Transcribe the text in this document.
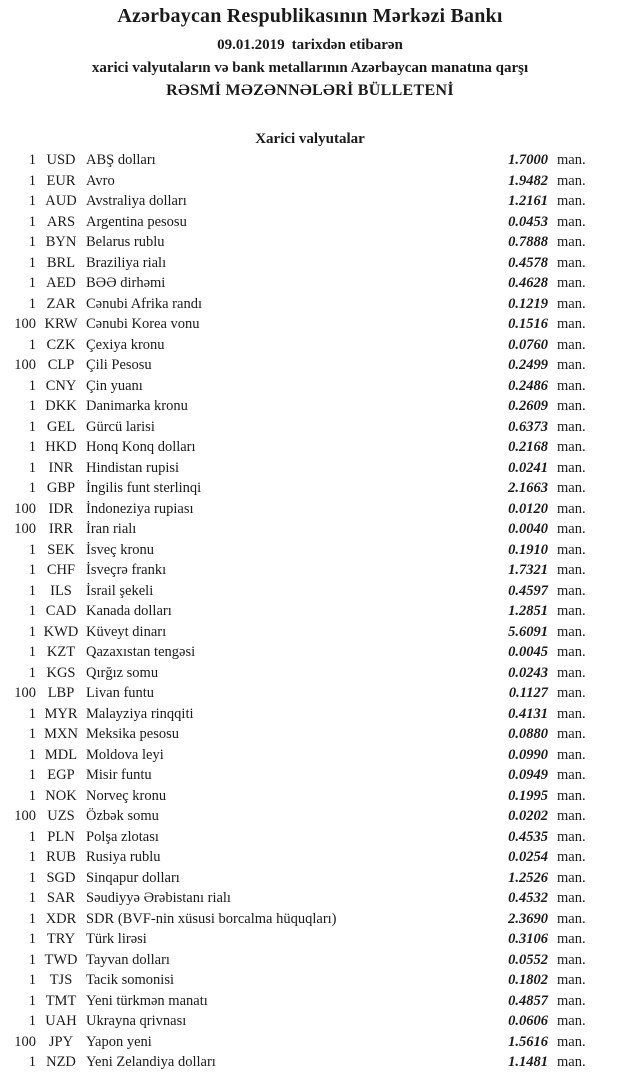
Azərbaycan Respublikasının Mərkəzi Bankı
09.01.2019 tarixdən etibarən
xarici valyutaların və bank metallarının Azərbaycan manatına qarşı
RƏSMİ MƏZƏNNƏLƏRİ BÜLLETENİ
Xarici valyutalar
1 USD ABŞ dolları	1.7000 man.
1 EUR Avro	1.9482 man.
1 AUD Avstraliya dolları	1.2161 man.
1 ARS Argentina pesosu	0.0453 man.
1 BYN Belarus rublu	0.7888 man.
1 BRL Braziliya rialı	0.4578 man.
1 AED BƏƏ dirhəmi	0.4628 man.
1 ZAR Cənubi Afrika randı	0.1219 man.
100 KRW Cənubi Korea vonu	0.1516 man.
1 CZK Çexiya kronu	0.0760 man.
100 CLP Çili Pesosu	0.2499 man.
1 CNY Çin yuanı	0.2486 man.
1 DKK Danimarka kronu	0.2609 man.
1 GEL Gürcü larisi	0.6373 man.
1 HKD Honq Konq dolları	0.2168 man.
1 INR Hindistan rupisi	0.0241 man.
1 GBP İngilis funt sterlinqi	2.1663 man.
100 IDR İndoneziya rupiası	0.0120 man.
100 IRR İran rialı	0.0040 man.
1 SEK İsveç kronu	0.1910 man.
1 CHF İsveçrə frankı	1.7321 man.
1 ILS İsrail şekeli	0.4597 man.
1 CAD Kanada dolları	1.2851 man.
1 KWD Küveyt dinarı	5.6091 man.
1 KZT Qazaxıstan tengəsi	0.0045 man.
1 KGS Qırğız somu	0.0243 man.
100 LBP Livan funtu	0.1127 man.
1 MYR Malayziya rinqqiti	0.4131 man.
1 MXN Meksika pesosu	0.0880 man.
1 MDL Moldova leyi	0.0990 man.
1 EGP Misir funtu	0.0949 man.
1 NOK Norveç kronu	0.1995 man.
100 UZS Özbək somu	0.0202 man.
1 PLN Polşa zlotası	0.4535 man.
1 RUB Rusiya rublu	0.0254 man.
1 SGD Sinqapur dolları	1.2526 man.
1 SAR Səudiyyə Ərəbistanı rialı	0.4532 man.
1 XDR SDR (BVF-nin xüsusi borcalma hüquqları)	2.3690 man.
1 TRY Türk lirəsi	0.3106 man.
1 TWD Tayvan dolları	0.0552 man.
1 TJS Tacik somonisi	0.1802 man.
1 TMT Yeni türkmən manatı	0.4857 man.
1 UAH Ukrayna qrivnası	0.0606 man.
100 JPY Yapon yeni	1.5616 man.
1 NZD Yeni Zelandiya dolları	1.1481 man.
